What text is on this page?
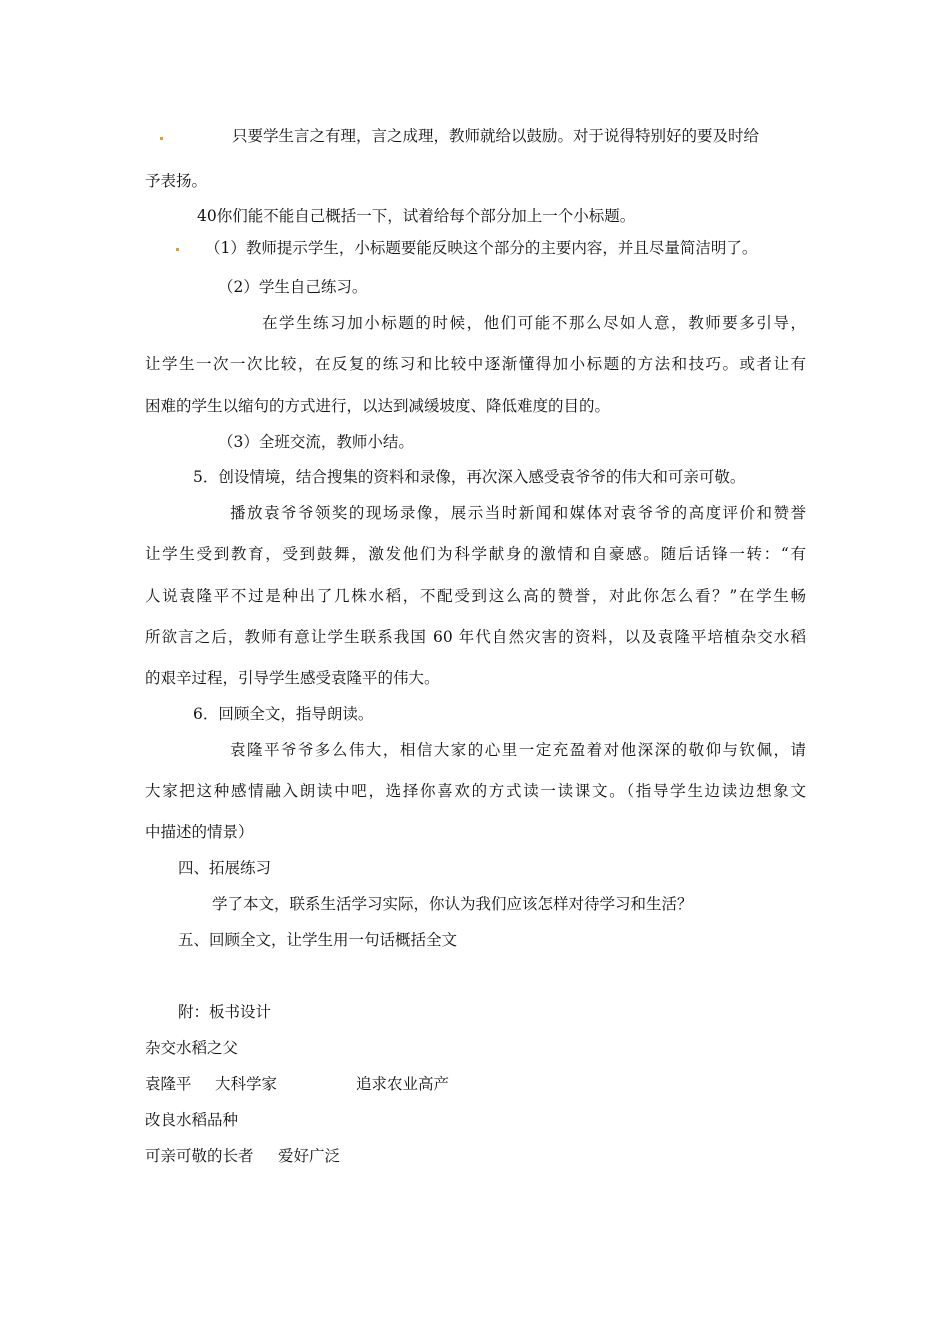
只要学生言之有理，言之成理，教师就给以鼓励。对于说得特别好的要及时给
予表扬。
40你们能不能自己概括一下，试着给每个部分加上一个小标题。
（1）教师提示学生，小标题要能反映这个部分的主要内容，并且尽量简洁明了。
（2）学生自己练习。
在学生练习加小标题的时候，他们可能不那么尽如人意，教师要多引导，
让学生一次一次比较，在反复的练习和比较中逐渐懂得加小标题的方法和技巧。或者让有
困难的学生以缩句的方式进行，以达到减缓坡度、降低难度的目的。
（3）全班交流，教师小结。
5．创设情境，结合搜集的资料和录像，再次深入感受袁爷爷的伟大和可亲可敬。
播放袁爷爷领奖的现场录像，展示当时新闻和媒体对袁爷爷的高度评价和赞誉
让学生受到教育，受到鼓舞，激发他们为科学献身的激情和自豪感。随后话锋一转：“有
人说袁隆平不过是种出了几株水稻，不配受到这么高的赞誉，对此你怎么看？”在学生畅
所欲言之后，教师有意让学生联系我国 60 年代自然灾害的资料，以及袁隆平培植杂交水稻
的艰辛过程，引导学生感受袁隆平的伟大。
6．回顾全文，指导朗读。
袁隆平爷爷多么伟大，相信大家的心里一定充盈着对他深深的敬仰与钦佩，请
大家把这种感情融入朗读中吧，选择你喜欢的方式读一读课文。（指导学生边读边想象文
中描述的情景）
四、拓展练习
学了本文，联系生活学习实际，你认为我们应该怎样对待学习和生活？
五、回顾全文，让学生用一句话概括全文
附：板书设计
杂交水稻之父
袁隆平 大科学家	追求农业高产
改良水稻品种
可亲可敬的长者 爱好广泛
